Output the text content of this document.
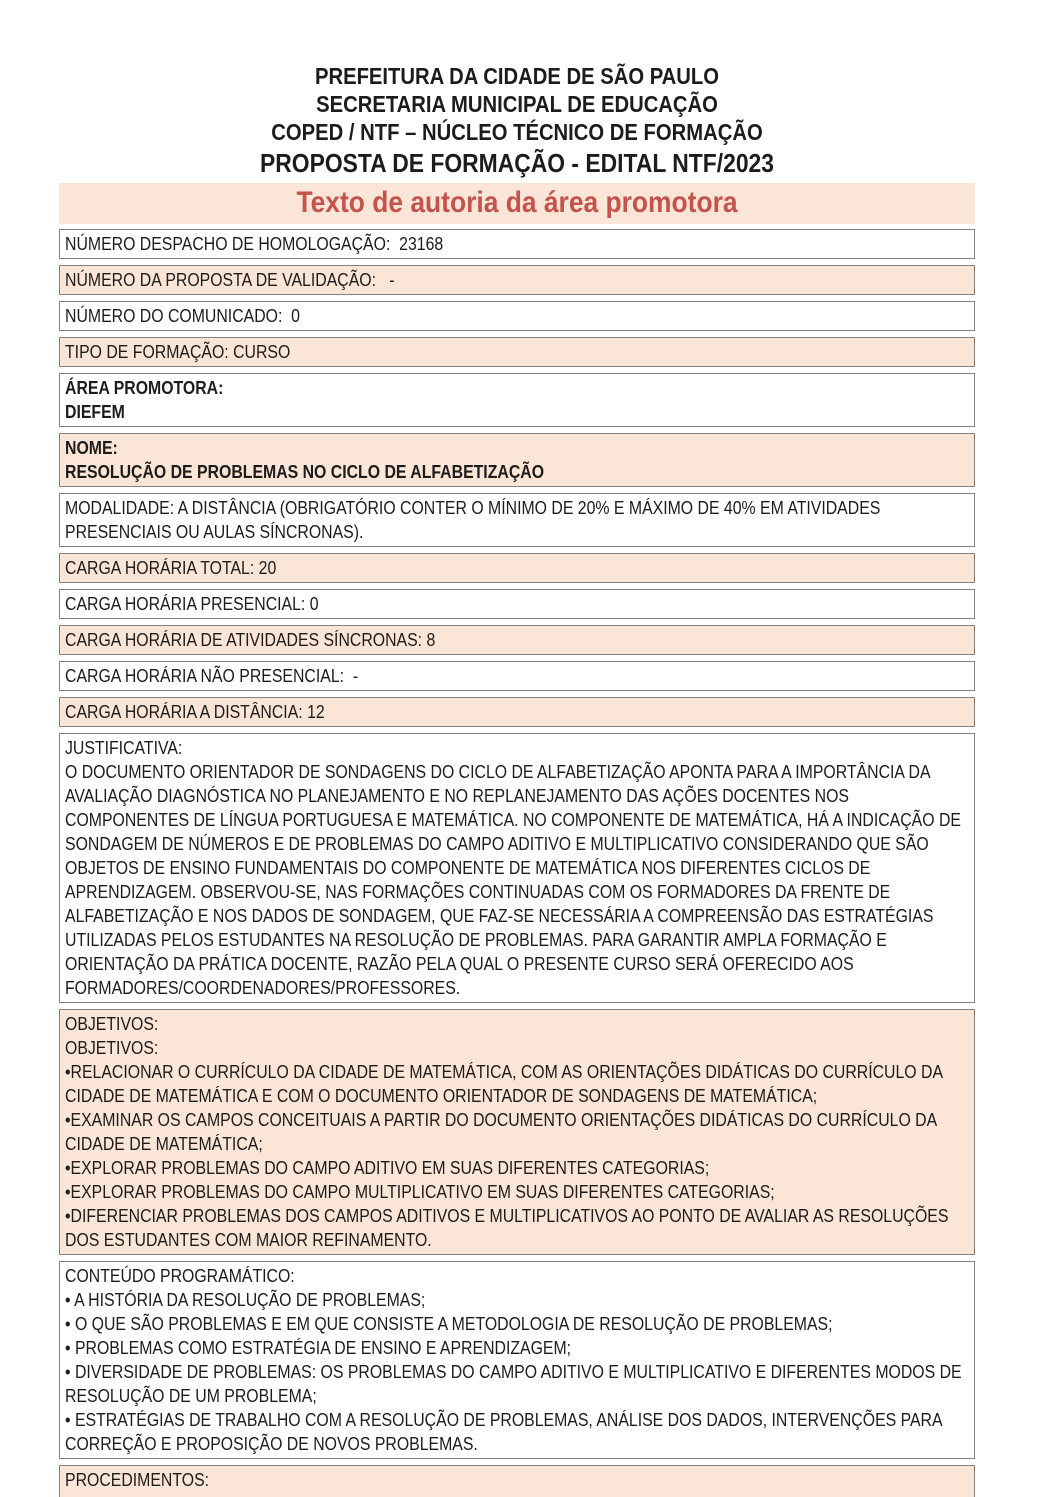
PREFEITURA DA CIDADE DE SÃO PAULO
SECRETARIA MUNICIPAL DE EDUCAÇÃO
COPED / NTF – NÚCLEO TÉCNICO DE FORMAÇÃO
PROPOSTA DE FORMAÇÃO - EDITAL NTF/2023
Texto de autoria da área promotora
NÚMERO DESPACHO DE HOMOLOGAÇÃO:  23168
NÚMERO DA PROPOSTA DE VALIDAÇÃO:   -
NÚMERO DO COMUNICADO:  0
TIPO DE FORMAÇÃO: CURSO
ÁREA PROMOTORA:
DIEFEM
NOME:
RESOLUÇÃO DE PROBLEMAS NO CICLO DE ALFABETIZAÇÃO
MODALIDADE: A DISTÂNCIA (OBRIGATÓRIO CONTER O MÍNIMO DE 20% E MÁXIMO DE 40% EM ATIVIDADES PRESENCIAIS OU AULAS SÍNCRONAS).
CARGA HORÁRIA TOTAL: 20
CARGA HORÁRIA PRESENCIAL: 0
CARGA HORÁRIA DE ATIVIDADES SÍNCRONAS: 8
CARGA HORÁRIA NÃO PRESENCIAL:  -
CARGA HORÁRIA A DISTÂNCIA: 12
JUSTIFICATIVA:
O DOCUMENTO ORIENTADOR DE SONDAGENS DO CICLO DE ALFABETIZAÇÃO APONTA PARA A IMPORTÂNCIA DA AVALIAÇÃO DIAGNÓSTICA NO PLANEJAMENTO E NO REPLANEJAMENTO DAS AÇÕES DOCENTES NOS COMPONENTES DE LÍNGUA PORTUGUESA E MATEMÁTICA. NO COMPONENTE DE MATEMÁTICA, HÁ A INDICAÇÃO DE SONDAGEM DE NÚMEROS E DE PROBLEMAS DO CAMPO ADITIVO E MULTIPLICATIVO CONSIDERANDO QUE SÃO OBJETOS DE ENSINO FUNDAMENTAIS DO COMPONENTE DE MATEMÁTICA NOS DIFERENTES CICLOS DE APRENDIZAGEM. OBSERVOU-SE, NAS FORMAÇÕES CONTINUADAS COM OS FORMADORES DA FRENTE DE ALFABETIZAÇÃO E NOS DADOS DE SONDAGEM, QUE FAZ-SE NECESSÁRIA A COMPREENSÃO DAS ESTRATÉGIAS UTILIZADAS PELOS ESTUDANTES NA RESOLUÇÃO DE PROBLEMAS. PARA GARANTIR AMPLA FORMAÇÃO E ORIENTAÇÃO DA PRÁTICA DOCENTE, RAZÃO PELA QUAL O PRESENTE CURSO SERÁ OFERECIDO AOS FORMADORES/COORDENADORES/PROFESSORES.
OBJETIVOS:
OBJETIVOS:
•RELACIONAR O CURRÍCULO DA CIDADE DE MATEMÁTICA, COM AS ORIENTAÇÕES DIDÁTICAS DO CURRÍCULO DA CIDADE DE MATEMÁTICA E COM O DOCUMENTO ORIENTADOR DE SONDAGENS DE MATEMÁTICA;
•EXAMINAR OS CAMPOS CONCEITUAIS A PARTIR DO DOCUMENTO ORIENTAÇÕES DIDÁTICAS DO CURRÍCULO DA CIDADE DE MATEMÁTICA;
•EXPLORAR PROBLEMAS DO CAMPO ADITIVO EM SUAS DIFERENTES CATEGORIAS;
•EXPLORAR PROBLEMAS DO CAMPO MULTIPLICATIVO EM SUAS DIFERENTES CATEGORIAS;
•DIFERENCIAR PROBLEMAS DOS CAMPOS ADITIVOS E MULTIPLICATIVOS AO PONTO DE AVALIAR AS RESOLUÇÕES DOS ESTUDANTES COM MAIOR REFINAMENTO.
CONTEÚDO PROGRAMÁTICO:
• A HISTÓRIA DA RESOLUÇÃO DE PROBLEMAS;
• O QUE SÃO PROBLEMAS E EM QUE CONSISTE A METODOLOGIA DE RESOLUÇÃO DE PROBLEMAS;
• PROBLEMAS COMO ESTRATÉGIA DE ENSINO E APRENDIZAGEM;
• DIVERSIDADE DE PROBLEMAS: OS PROBLEMAS DO CAMPO ADITIVO E MULTIPLICATIVO E DIFERENTES MODOS DE RESOLUÇÃO DE UM PROBLEMA;
• ESTRATÉGIAS DE TRABALHO COM A RESOLUÇÃO DE PROBLEMAS, ANÁLISE DOS DADOS, INTERVENÇÕES PARA CORREÇÃO E PROPOSIÇÃO DE NOVOS PROBLEMAS.
PROCEDIMENTOS:
